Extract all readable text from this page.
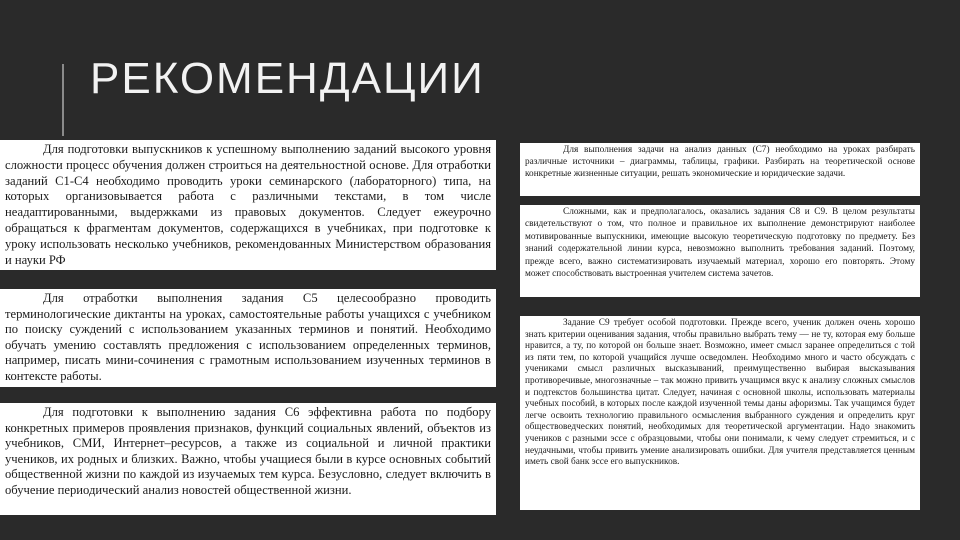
РЕКОМЕНДАЦИИ

Для подготовки выпускников к успешному выполнению заданий высокого уровня сложности процесс обучения должен строиться на деятельностной основе. Для отработки заданий С1-С4 необходимо проводить уроки семинарского (лабораторного) типа, на которых организовывается работа с различными текстами, в том числе неадаптированными, выдержками из правовых документов. Следует ежеурочно обращаться к фрагментам документов, содержащихся в учебниках, при подготовке к уроку использовать несколько учебников, рекомендованных Министерством образования и науки РФ

Для отработки выполнения задания С5 целесообразно проводить терминологические диктанты на уроках, самостоятельные работы учащихся с учебником по поиску суждений с использованием указанных терминов и понятий. Необходимо обучать умению составлять предложения с использованием определенных терминов, например, писать мини-сочинения с грамотным использованием изученных терминов в контексте работы.

Для подготовки к выполнению задания С6 эффективна работа по подбору конкретных примеров проявления признаков, функций социальных явлений, объектов из учебников, СМИ, Интернет–ресурсов, а также из социальной и личной практики учеников, их родных и близких. Важно, чтобы учащиеся были в курсе основных событий общественной жизни по каждой из изучаемых тем курса. Безусловно, следует включить в обучение периодический анализ новостей общественной жизни.

Для выполнения задачи на анализ данных (С7) необходимо на уроках разбирать различные источники – диаграммы, таблицы, графики. Разбирать на теоретической основе конкретные жизненные ситуации, решать экономические и юридические задачи.

Сложными, как и предполагалось, оказались задания С8 и С9. В целом результаты свидетельствуют о том, что полное и правильное их выполнение демонстрируют наиболее мотивированные выпускники, имеющие высокую теоретическую подготовку по предмету. Без знаний содержательной линии курса, невозможно выполнить требования заданий. Поэтому, прежде всего, важно систематизировать изучаемый материал, хорошо его повторять. Этому может способствовать выстроенная учителем система зачетов.

Задание С9 требует особой подготовки. Прежде всего, ученик должен очень хорошо знать критерии оценивания задания, чтобы правильно выбрать тему — не ту, которая ему больше нравится, а ту, по которой он больше знает. Возможно, имеет смысл заранее определиться с той из пяти тем, по которой учащийся лучше осведомлен. Необходимо много и часто обсуждать с учениками смысл различных высказываний, преимущественно выбирая высказывания противоречивые, многозначные – так можно привить учащимся вкус к анализу сложных смыслов и подтекстов большинства цитат. Следует, начиная с основной школы, использовать материалы учебных пособий, в которых после каждой изученной темы даны афоризмы. Так учащимся будет легче освоить технологию правильного осмысления выбранного суждения и определить круг обществоведческих понятий, необходимых для теоретической аргументации. Надо знакомить учеников с разными эссе с образцовыми, чтобы они понимали, к чему следует стремиться, и с неудачными, чтобы привить умение анализировать ошибки. Для учителя представляется ценным иметь свой банк эссе его выпускников.
